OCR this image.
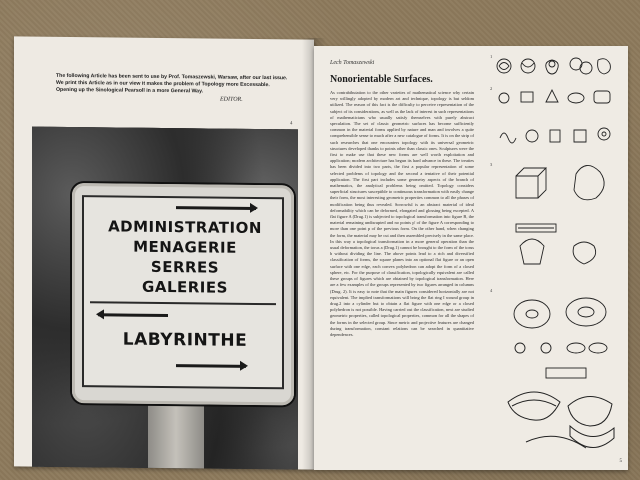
The following Article has been sent to use by Prof. Tomaszewski, Warsaw, after our last issue. We print this Article as in our view it makes the problem of Topology more Excessable. Opening up the Sinological Pearsoll in a more General Way.
EDITOR.
4
ADMINISTRATION
MENAGERIE
SERRES
GALERIES
LABYRINTHE
Lech Tomaszewski
Nonorientable Surfaces.
As contrabibutation to the other varieties of mathematical science why certain very willingly adopted by modern art and technique, topology is but seldom utilized. The reason of this fact is the difficulty to perceive representation of the subject of its considerations, as well as the lack of interest in such representations of mathematicians who usually satisfy themselves with purely abstract speculation. The set of classic geometric surfaces has become sufficiently common in the material forms applied by nature and man and involves a quite comprehensible sense to much after a new catalogue of forms. It is on the strip of such researches that one encounters topology with its universal geometric structures developed thanks to points other than classic ones. Sculptures were the first to make use that these new forms are well worth exploitation and application; modern architecture has begun its hard advance in these. The treaties has been divided into two parts, the first a popular representation of some selected problems of topology and the second a tentative of their potential application. The first part includes some geometry aspects of the branch of mathematics, the analytical problems being omitted. Topology considers superficial structures susceptible to continuous transformation with easily change their form, the most interesting geometric properties common to all the phases of modification being thus revealed. Sorrowful is an abstract material of ideal deformability which can be deformed, elongated and glossing being excepted. A flat figure A (Drug.1) is subjected to topological transformation into figure B, the material remaining undisrupted and no points p' of the figure A corresponding to more than one point p of the previous form. On the other hand, when changing the form, the material may be cut and then assembled precisely in the same place. In this way a topological transformation in a more general operation than the usual deformation, the torus a (Drug.1) cannot be brought to the form of the torus b without dividing the line. The above points lead to a rich and diversified classification of forms, the square planes into an optional flat figure or an open surface with one edge, each convex polyhedron can adopt the form of a closed sphere, etc. For the purpose of classification, topologically equivalent are called these groups of figures which are obtained by topological transformation. Here are a few examples of the groups represented by two figures arranged in columns (Drug. 2). It is easy to note that the main figures considered horizontally are not equivalent. The implied transformations will bring the flat ring I wound group in drug.2 into a cylinder but to obtain a flat figure with one edge or a closed polyhedron is not possible. Having carried out the classification, next are studied geometric properties, called topological properties, common for all the shapes of the forms in the selected group. Since metric and projective features are changed during transformation, constant relations can be searched in quantitative dependences.
1
2
3
4
5
